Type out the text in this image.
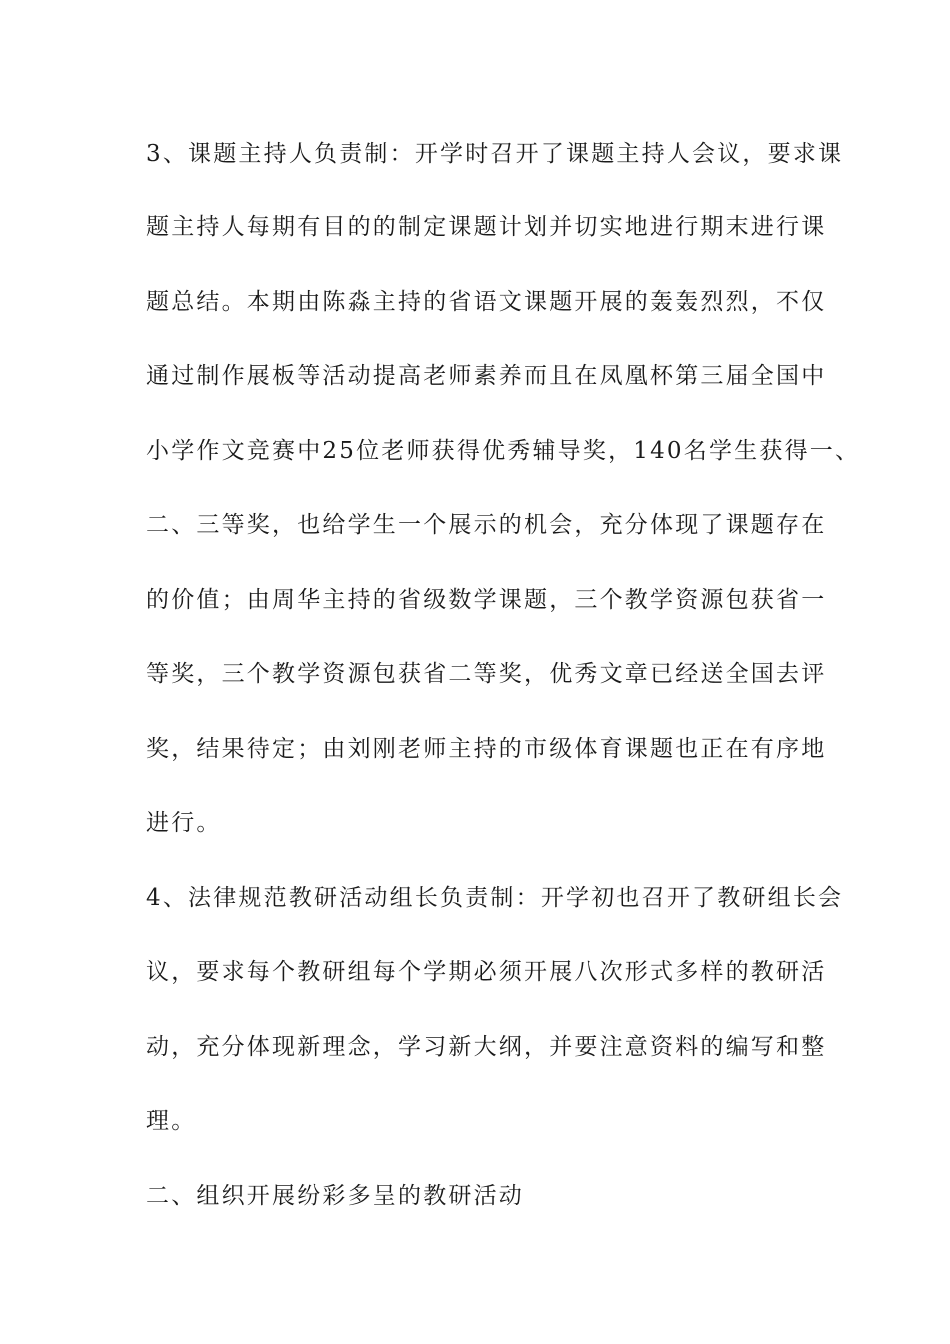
3、课题主持人负责制：开学时召开了课题主持人会议，要求课
题主持人每期有目的的制定课题计划并切实地进行期末进行课
题总结。本期由陈淼主持的省语文课题开展的轰轰烈烈，不仅
通过制作展板等活动提高老师素养而且在凤凰杯第三届全国中
小学作文竞赛中25位老师获得优秀辅导奖，140名学生获得一、
二、三等奖，也给学生一个展示的机会，充分体现了课题存在
的价值；由周华主持的省级数学课题，三个教学资源包获省一
等奖，三个教学资源包获省二等奖，优秀文章已经送全国去评
奖，结果待定；由刘刚老师主持的市级体育课题也正在有序地
进行。
4、法律规范教研活动组长负责制：开学初也召开了教研组长会
议，要求每个教研组每个学期必须开展八次形式多样的教研活
动，充分体现新理念，学习新大纲，并要注意资料的编写和整
理。
二、组织开展纷彩多呈的教研活动
